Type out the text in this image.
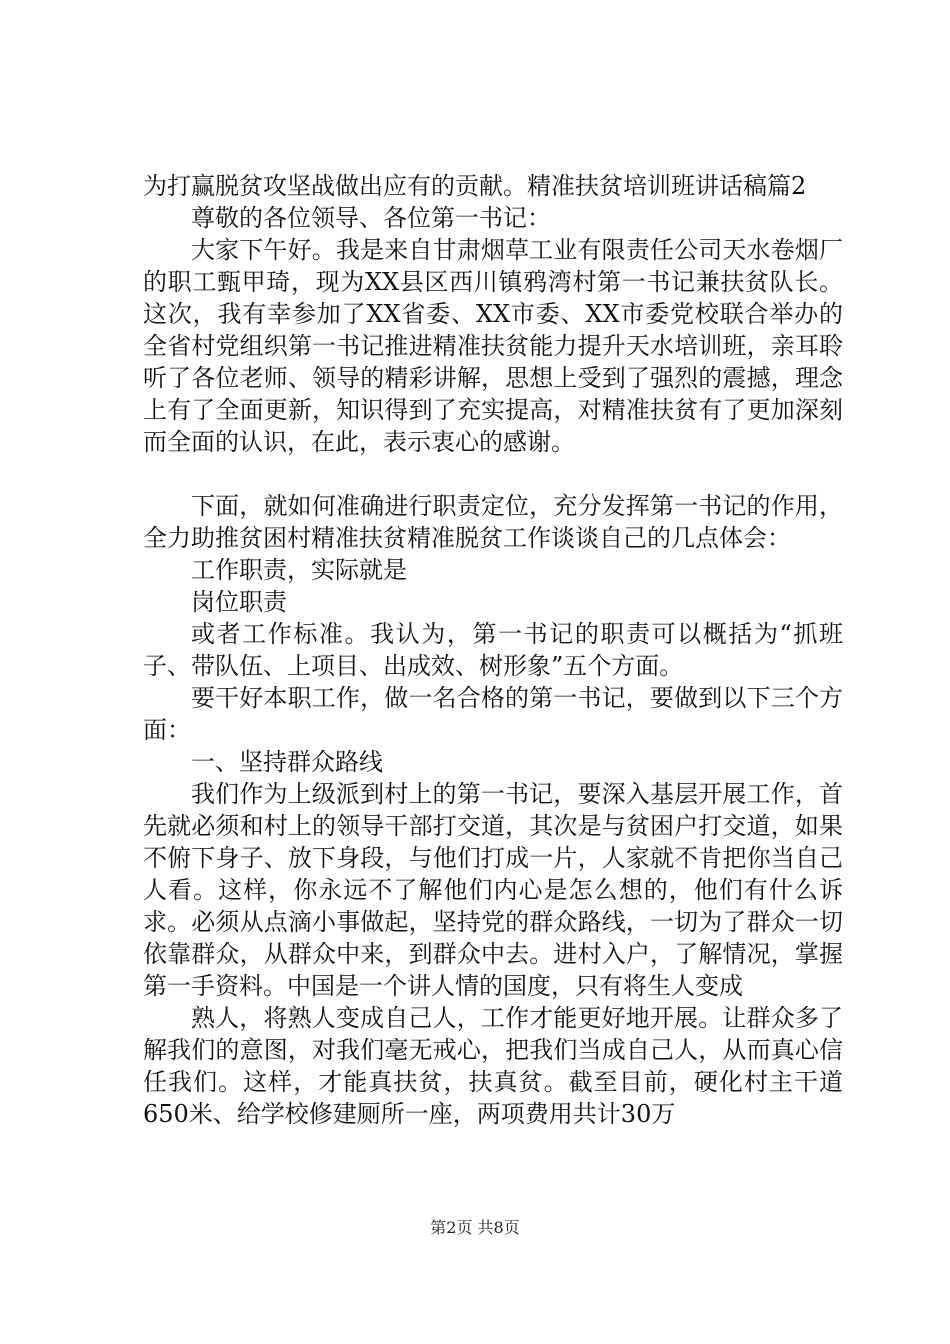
为打赢脱贫攻坚战做出应有的贡献。精准扶贫培训班讲话稿篇2

尊敬的各位领导、各位第一书记：

大家下午好。我是来自甘肃烟草工业有限责任公司天水卷烟厂的职工甄甲琦，现为XX县区西川镇鸦湾村第一书记兼扶贫队长。这次，我有幸参加了XX省委、XX市委、XX市委党校联合举办的全省村党组织第一书记推进精准扶贫能力提升天水培训班，亲耳聆听了各位老师、领导的精彩讲解，思想上受到了强烈的震撼，理念上有了全面更新，知识得到了充实提高，对精准扶贫有了更加深刻而全面的认识，在此，表示衷心的感谢。

下面，就如何准确进行职责定位，充分发挥第一书记的作用，全力助推贫困村精准扶贫精准脱贫工作谈谈自己的几点体会：

工作职责，实际就是

岗位职责

或者工作标准。我认为，第一书记的职责可以概括为“抓班子、带队伍、上项目、出成效、树形象”五个方面。

要干好本职工作，做一名合格的第一书记，要做到以下三个方面：

一、坚持群众路线

我们作为上级派到村上的第一书记，要深入基层开展工作，首先就必须和村上的领导干部打交道，其次是与贫困户打交道，如果不俯下身子、放下身段，与他们打成一片，人家就不肯把你当自己人看。这样，你永远不了解他们内心是怎么想的，他们有什么诉求。必须从点滴小事做起，坚持党的群众路线，一切为了群众一切依靠群众，从群众中来，到群众中去。进村入户，了解情况，掌握第一手资料。中国是一个讲人情的国度，只有将生人变成

熟人，将熟人变成自己人，工作才能更好地开展。让群众多了解我们的意图，对我们毫无戒心，把我们当成自己人，从而真心信任我们。这样，才能真扶贫，扶真贫。截至目前，硬化村主干道650米、给学校修建厕所一座，两项费用共计30万

第2页 共8页
